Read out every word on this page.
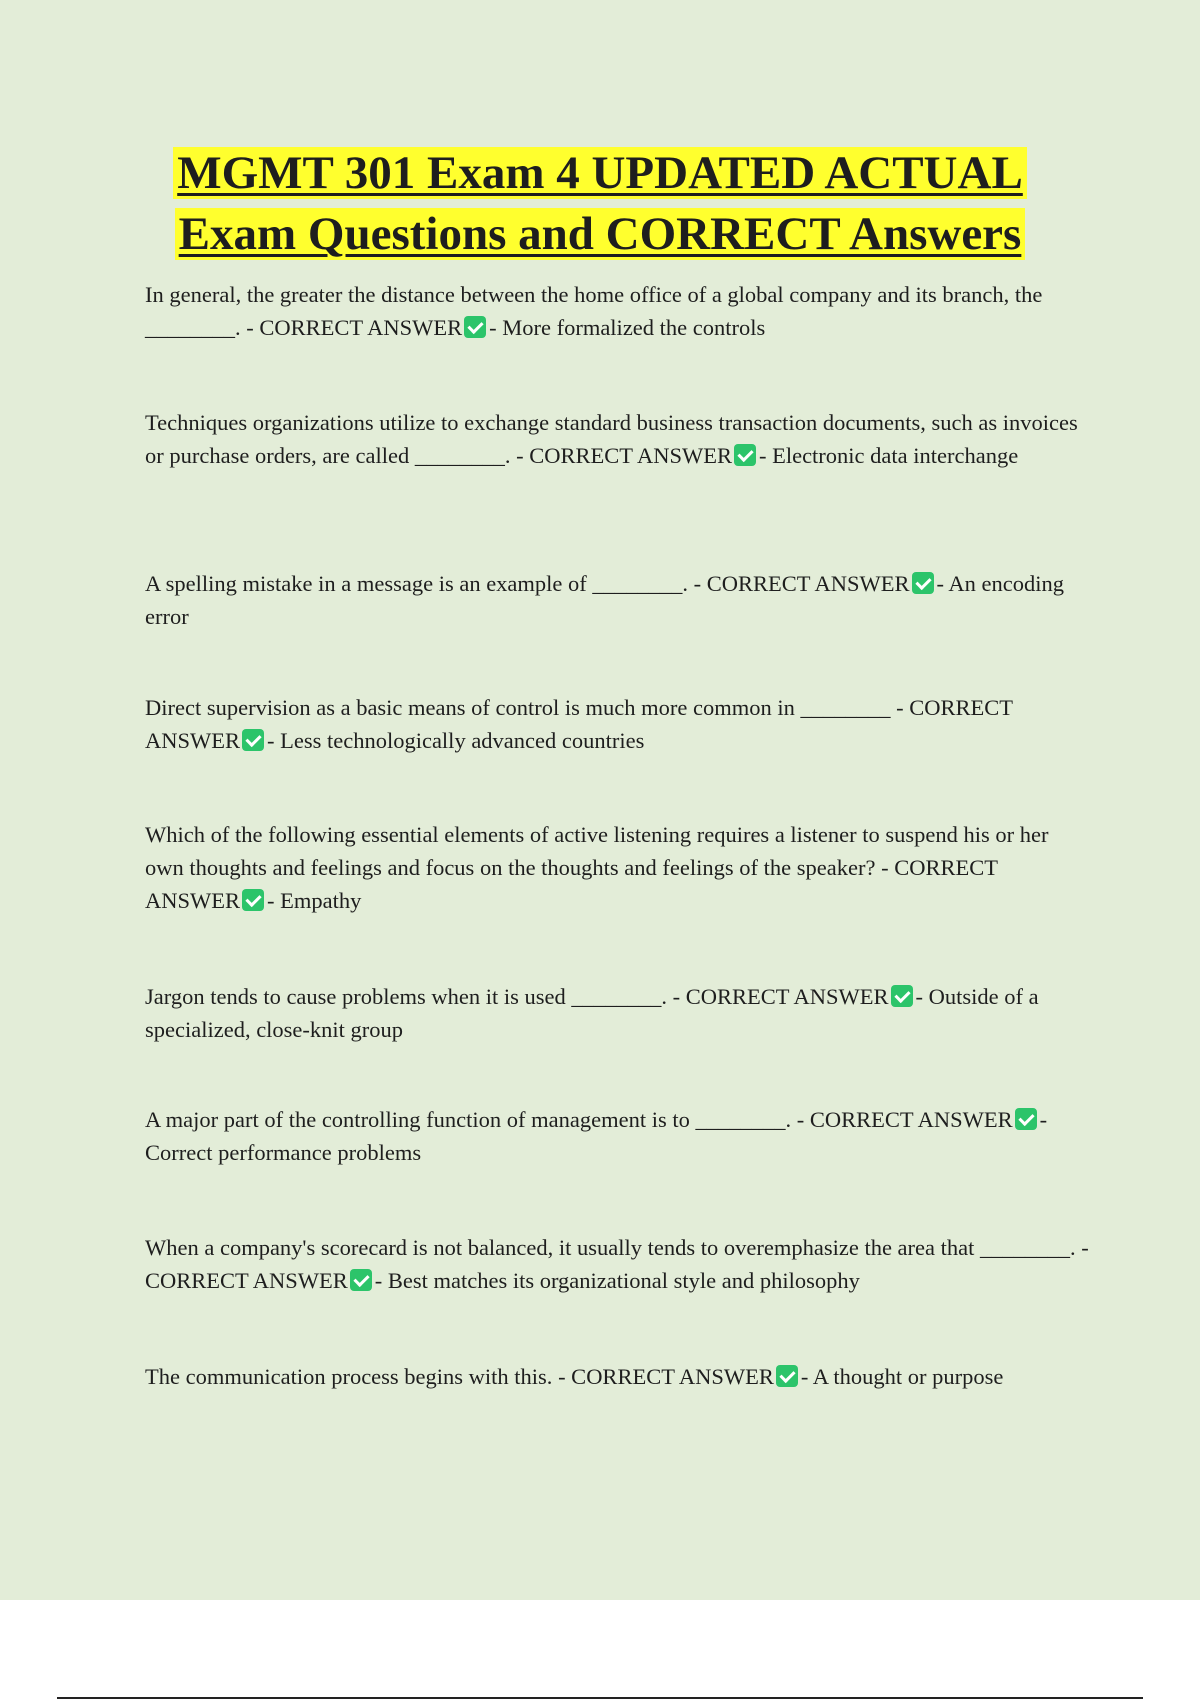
MGMT 301 Exam 4 UPDATED ACTUAL
Exam Questions and CORRECT Answers

In general, the greater the distance between the home office of a global company and its branch, the ________. - CORRECT ANSWER - More formalized the controls

Techniques organizations utilize to exchange standard business transaction documents, such as invoices or purchase orders, are called ________. - CORRECT ANSWER - Electronic data interchange

A spelling mistake in a message is an example of ________. - CORRECT ANSWER - An encoding error

Direct supervision as a basic means of control is much more common in ________ - CORRECT ANSWER - Less technologically advanced countries

Which of the following essential elements of active listening requires a listener to suspend his or her own thoughts and feelings and focus on the thoughts and feelings of the speaker? - CORRECT ANSWER - Empathy

Jargon tends to cause problems when it is used ________. - CORRECT ANSWER - Outside of a specialized, close-knit group

A major part of the controlling function of management is to ________. - CORRECT ANSWER - Correct performance problems

When a company's scorecard is not balanced, it usually tends to overemphasize the area that ________. - CORRECT ANSWER - Best matches its organizational style and philosophy

The communication process begins with this. - CORRECT ANSWER - A thought or purpose
